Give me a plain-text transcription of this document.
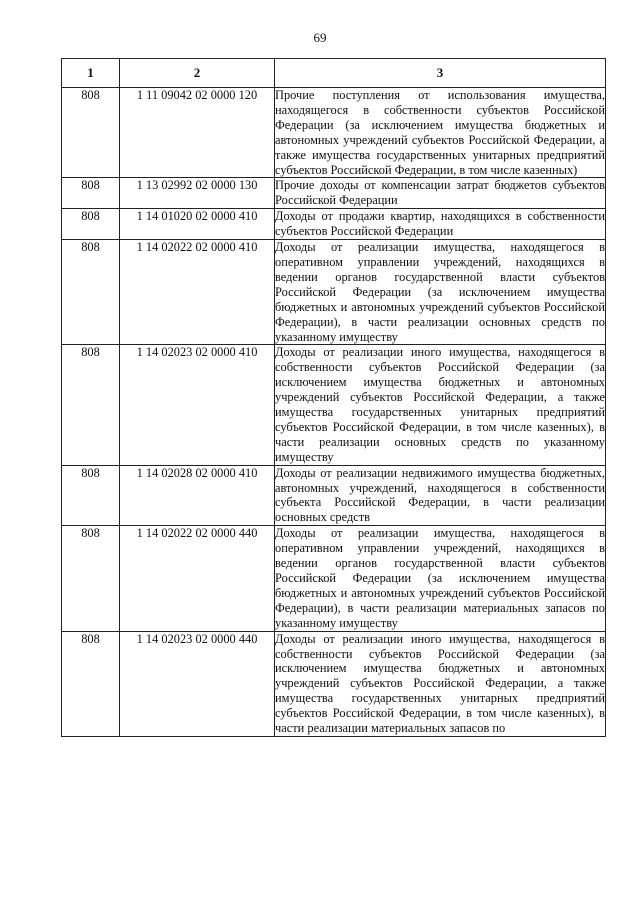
69
1	2	3
808	1 11 09042 02 0000 120	Прочие поступления от использования имущества, находящегося в собственности субъектов Российской Федерации (за исключением имущества бюджетных и автономных учреждений субъектов Российской Федерации, а также имущества государственных унитарных предприятий субъектов Российской Федерации, в том числе казенных)
808	1 13 02992 02 0000 130	Прочие доходы от компенсации затрат бюджетов субъектов Российской Федерации
808	1 14 01020 02 0000 410	Доходы от продажи квартир, находящихся в собственности субъектов Российской Федерации
808	1 14 02022 02 0000 410	Доходы от реализации имущества, находящегося в оперативном управлении учреждений, находящихся в ведении органов государственной власти субъектов Российской Федерации (за исключением имущества бюджетных и автономных учреждений субъектов Российской Федерации), в части реализации основных средств по указанному имуществу
808	1 14 02023 02 0000 410	Доходы от реализации иного имущества, находящегося в собственности субъектов Российской Федерации (за исключением имущества бюджетных и автономных учреждений субъектов Российской Федерации, а также имущества государственных унитарных предприятий субъектов Российской Федерации, в том числе казенных), в части реализации основных средств по указанному имуществу
808	1 14 02028 02 0000 410	Доходы от реализации недвижимого имущества бюджетных, автономных учреждений, находящегося в собственности субъекта Российской Федерации, в части реализации основных средств
808	1 14 02022 02 0000 440	Доходы от реализации имущества, находящегося в оперативном управлении учреждений, находящихся в ведении органов государственной власти субъектов Российской Федерации (за исключением имущества бюджетных и автономных учреждений субъектов Российской Федерации), в части реализации материальных запасов по указанному имуществу
808	1 14 02023 02 0000 440	Доходы от реализации иного имущества, находящегося в собственности субъектов Российской Федерации (за исключением имущества бюджетных и автономных учреждений субъектов Российской Федерации, а также имущества государственных унитарных предприятий субъектов Российской Федерации, в том числе казенных), в части реализации материальных запасов по
